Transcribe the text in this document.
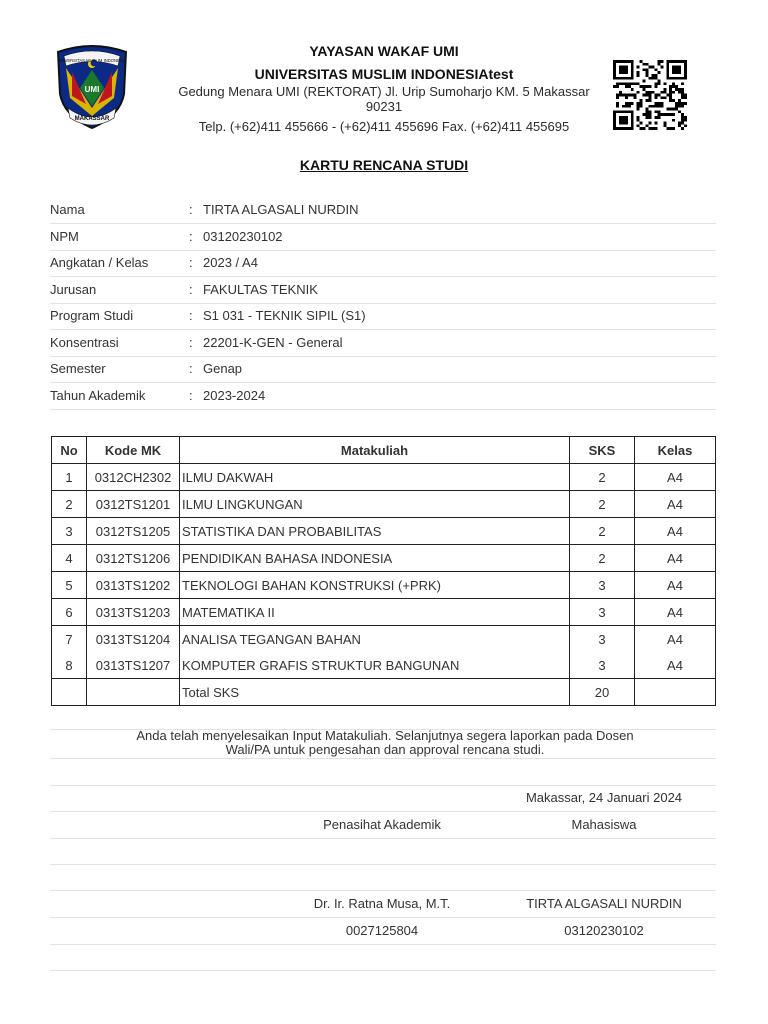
UNIVERSITAS MUSLIM INDONESIA
UMI
MAKASSAR
YAYASAN WAKAF UMI
UNIVERSITAS MUSLIM INDONESIAtest
Gedung Menara UMI (REKTORAT) Jl. Urip Sumoharjo KM. 5 Makassar
90231
Telp. (+62)411 455666 - (+62)411 455696 Fax. (+62)411 455695
KARTU RENCANA STUDI
Nama	: TIRTA ALGASALI NURDIN
NPM	: 03120230102
Angkatan / Kelas	: 2023 / A4
Jurusan	: FAKULTAS TEKNIK
Program Studi	: S1 031 - TEKNIK SIPIL (S1)
Konsentrasi	: 22201-K-GEN - General
Semester	: Genap
Tahun Akademik	: 2023-2024
No	Kode MK	Matakuliah	SKS	Kelas
1	0312CH2302	ILMU DAKWAH	2	A4
2	0312TS1201	ILMU LINGKUNGAN	2	A4
3	0312TS1205	STATISTIKA DAN PROBABILITAS	2	A4
4	0312TS1206	PENDIDIKAN BAHASA INDONESIA	2	A4
5	0313TS1202	TEKNOLOGI BAHAN KONSTRUKSI (+PRK)	3	A4
6	0313TS1203	MATEMATIKA II	3	A4
7	0313TS1204	ANALISA TEGANGAN BAHAN	3	A4
8	0313TS1207	KOMPUTER GRAFIS STRUKTUR BANGUNAN	3	A4
		Total SKS	20	
Anda telah menyelesaikan Input Matakuliah. Selanjutnya segera laporkan pada Dosen
Wali/PA untuk pengesahan dan approval rencana studi.
Makassar, 24 Januari 2024
Penasihat Akademik	Mahasiswa
Dr. Ir. Ratna Musa, M.T.	TIRTA ALGASALI NURDIN
0027125804	03120230102
